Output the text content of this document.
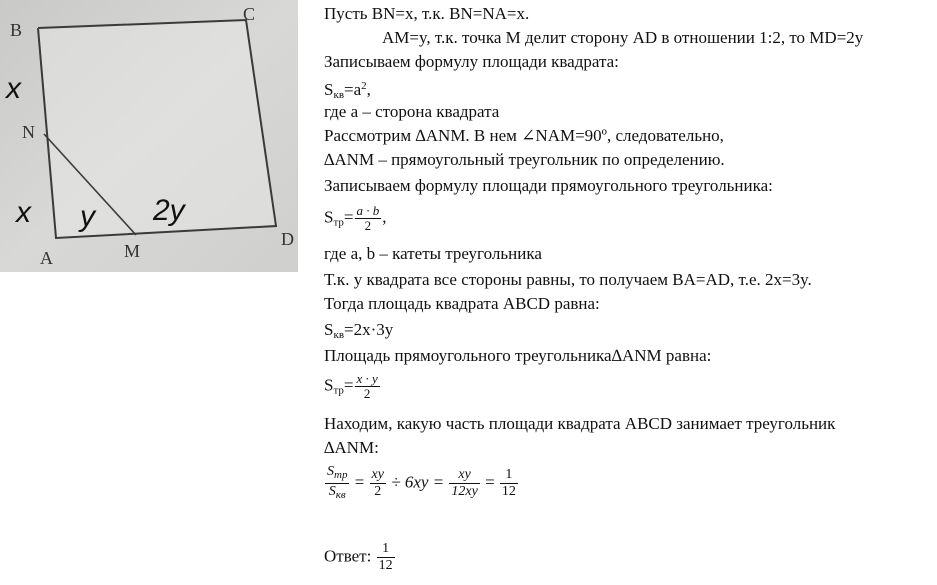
B
C
N
A	M
D
x
x y 2y
Пусть BN=x, т.к. BN=NA=x.
AM=y, т.к. точка M делит сторону AD в отношении 1:2, то MD=2y
Записываем формулу площади квадрата:
$S_{кв}=a^2$,
где a – сторона квадрата
Рассмотрим ∆ANM. В нем ∠NAM=90º, следовательно,
∆ANM – прямоугольный треугольник по определению.
Записываем формулу площади прямоугольного треугольника:
$S_{тр}= \frac{a \cdot b}{2}$ ,
где a, b – катеты треугольника
Т.к. у квадрата все стороны равны, то получаем BA=AD, т.е. 2x=3y.
Тогда площадь квадрата ABCD равна:
$S_{кв}=2x\cdot 3y$
Площадь прямоугольного треугольника∆ANM равна:
$S_{тр}= \frac{x \cdot y}{2}$
Находим, какую часть площади квадрата ABCD занимает треугольник
∆ANM:
$\frac{S_{тр}}{S_{кв}} = \frac{xy}{2} \div 6xy = \frac{xy}{12xy} = \frac{1}{12}$
Ответ: $\frac{1}{12}$
